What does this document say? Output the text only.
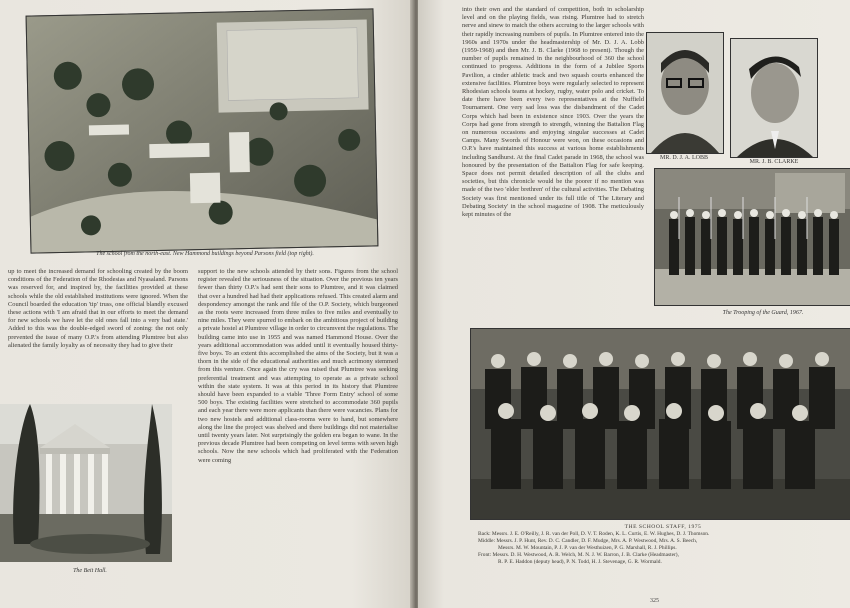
The school from the north-east. New Hammond buildings beyond Parsons field (top right).

up to meet the increased demand for schooling created by the boom conditions of the Federation of the Rhodesias and Nyasaland. Parsons was reserved for, and inspired by, the facilities provided at these schools while the old established institutions were ignored. When the Council boarded the education 'tip' truss, one official blandly excused these actions with 'I am afraid that in our efforts to meet the demand for new schools we have let the old ones fall into a very bad state.' Added to this was the double-edged sword of zoning: the not only prevented the issue of many O.P.'s from attending Plumtree but also alienated the family loyalty as of necessity they had to give their

support to the new schools attended by their sons. Figures from the school register revealed the seriousness of the situation. Over the previous ten years fewer than thirty O.P.'s had sent their sons to Plumtree, and it was claimed that over a hundred had had their applications refused. This created alarm and despondency amongst the rank and file of the O.P. Society, which burgeoned as the roots were increased from three miles to five miles and eventually to nine miles. They were spurred to embark on the ambitious project of building a private hostel at Plumtree village in order to circumvent the regulations. The building came into use in 1955 and was named Hammond House. Over the years additional accommodation was added until it eventually housed thirty-five boys. To an extent this accomplished the aims of the Society, but it was a thorn in the side of the educational authorities and much acrimony stemmed from this venture. Once again the cry was raised that Plumtree was seeking preferential treatment and was attempting to operate as a private school within the state system. It was at this period in its history that Plumtree should have been expanded to a viable 'Three Form Entry' school of some 500 boys. The existing facilities were stretched to accommodate 360 pupils and each year there were more applicants than there were vacancies. Plans for two new hostels and additional class-rooms were to hand, but somewhere along the line the project was shelved and there buildings did not materialise until twenty years later. Not surprisingly the golden era began to wane. In the previous decade Plumtree had been competing on level terms with seven high schools. Now the new schools which had proliferated with the Federation were coming

The Beit Hall.

into their own and the standard of competition, both in scholarship level and on the playing fields, was rising. Plumtree had to stretch nerve and sinew to match the others accruing to the larger schools with their rapidly increasing numbers of pupils. In Plumtree entered into the 1960s and 1970s under the headmastership of Mr. D. J. A. Lobb (1959-1968) and then Mr. J. B. Clarke (1968 to present). Though the number of pupils remained in the neighbourhood of 360 the school continued to progress. Additions in the form of a Jubilee Sports Pavilion, a cinder athletic track and two squash courts enhanced the extensive facilities. Plumtree boys were regularly selected to represent Rhodesian schools teams at hockey, rugby, water polo and cricket. To date there have been every two representatives at the Nuffield Tournament. One very sad loss was the disbandment of the Cadet Corps which had been in existence since 1903. Over the years the Corps had gone from strength to strength, winning the Battalion Flag on numerous occasions and enjoying singular successes at Cadet Camps. Many Swords of Honour were won, on these occasions and O.P.'s have maintained this success at various home establishments including Sandhurst. At the final Cadet parade in 1968, the school was honoured by the presentation of the Battalion Flag for safe keeping. Space does not permit detailed description of all the clubs and societies, but this chronicle would be the poorer if no mention was made of the two 'elder brethren' of the cultural activities. The Debating Society was first mentioned under its full title of 'The Literary and Debating Society' in the school magazine of 1908. The meticulously kept minutes of the

MR. D. J. A. LOBB
MR. J. B. CLARKE
The Trooping of the Guard, 1967.
THE SCHOOL STAFF, 1975
Back: Messrs. J. E. O'Reilly, J. R. van der Poll, D. V. T. Roden, K. L. Curtis, E. W. Hughes, D. J. Thomson.
Middle: Messrs. J. P. Hunt, Rev. D. C. Candler, D. F. Mudge, Mrs. A. P. Westwood, Mrs. A. S. Beech,
Messrs. M. W. Mountain, P. J. P. van der Westhuizen, P. G. Marshall, R. J. Phillips.
Front: Messrs. D. H. Westwood, A. R. Welch, M. N. J. W. Barron, J. B. Clarke (Headmaster),
R. P. E. Haddon (deputy head), P. N. Todd, H. J. Stevenage, G. R. Wormald.
325
